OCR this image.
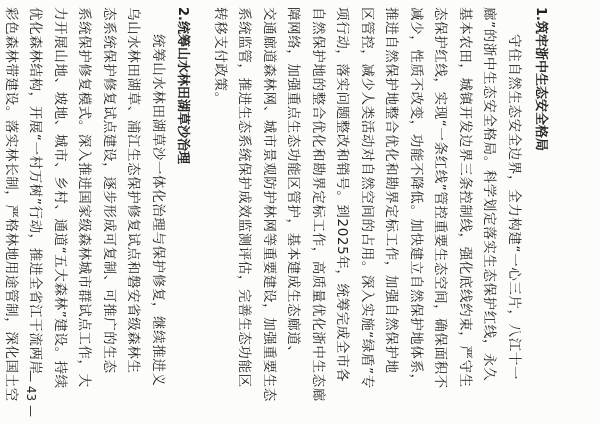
1.筑牢浙中生态安全格局
守住自然生态安全边界，全力构建“一心三片，八江十一
廊”的浙中生态安全格局。科学划定落实生态保护红线，永久
基本农田，城镇开发边界三条控制线，强化底线约束，严守生
态保护红线，实现“一条红线”管控重要生态空间，确保面积不
减少，性质不改变，功能不降低。加快建立自然保护地体系，
推进自然保护地整合优化和勘界定标工作，加强自然保护地
区管控，减少人类活动对自然空间的占用。深入实施“绿盾”专
项行动，落实问题整改和销号。到2025年，统筹完成全市各
自然保护地的整合优化和勘界定标工作，高质量优化浙中生态廊
障网络，加强重点生态功能区管护，基本建成生态廊道、
交通廊道森林网、城市景观防护林网等重要建设，加强重要生态
系统监管，推进生态系统保护成效监测评估，完善生态功能区
转移支付政策。
2.统筹山水林田湖草沙治理
统筹山水林田湖草沙一体化治理与保护修复，继续推进义
乌山水林田湖草、浦江生态保护修复试点和磐安省级森林生
态系统保护修复试点建设，逐步形成可复制、可推广的生态
系统保护修复模式。深入推进国家级森林城市群试点工作，大
力开展山地、坡地、城市、乡村、通道“五大森林”建设。持续
优化森林结构，开展“一村万树”行动，推进全省江干流两岸
彩色森林带建设。落实林长制，严格林地用途管制，深化国土空 — 43 —
